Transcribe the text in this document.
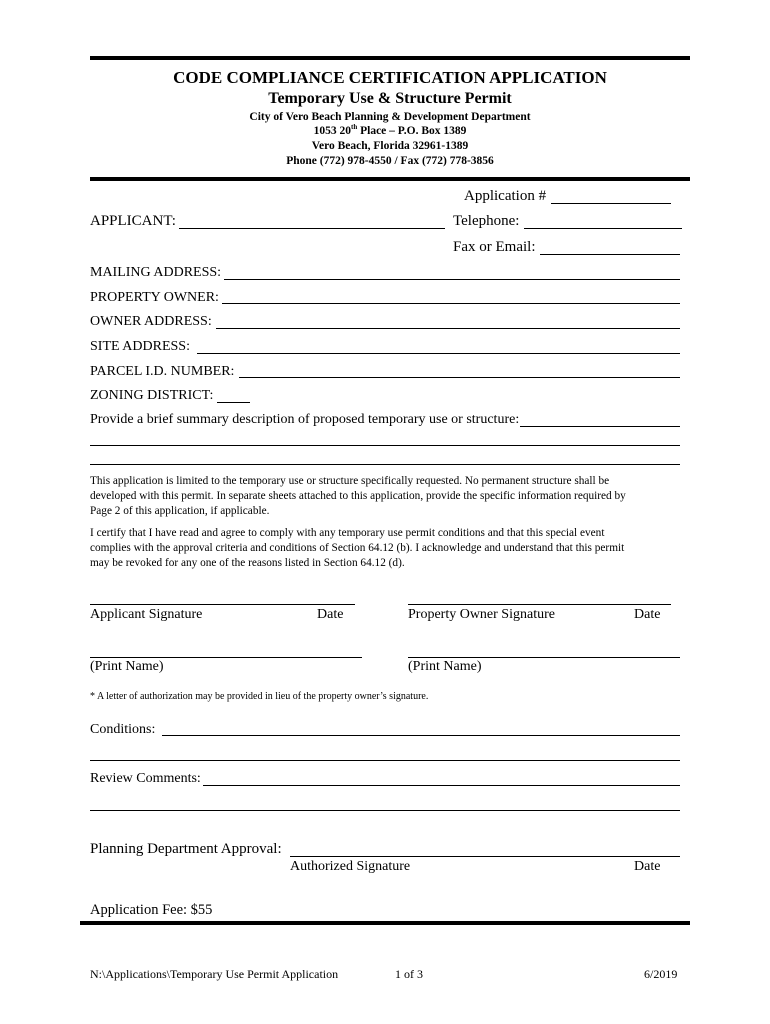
CODE COMPLIANCE CERTIFICATION APPLICATION
Temporary Use & Structure Permit
City of Vero Beach Planning & Development Department
1053 20th Place – P.O. Box 1389
Vero Beach, Florida 32961-1389
Phone (772) 978-4550 / Fax (772) 778-3856
Application #
APPLICANT:	Telephone:
Fax or Email:
MAILING ADDRESS:
PROPERTY OWNER:
OWNER ADDRESS:
SITE ADDRESS:
PARCEL I.D. NUMBER:
ZONING DISTRICT:
Provide a brief summary description of proposed temporary use or structure:
This application is limited to the temporary use or structure specifically requested. No permanent structure shall be
developed with this permit. In separate sheets attached to this application, provide the specific information required by
Page 2 of this application, if applicable.
I certify that I have read and agree to comply with any temporary use permit conditions and that this special event
complies with the approval criteria and conditions of Section 64.12 (b). I acknowledge and understand that this permit
may be revoked for any one of the reasons listed in Section 64.12 (d).
Applicant Signature	Date	Property Owner Signature	Date
(Print Name)	(Print Name)
* A letter of authorization may be provided in lieu of the property owner’s signature.
Conditions:
Review Comments:
Planning Department Approval:
Authorized Signature	Date
Application Fee: $55
N:\Applications\Temporary Use Permit Application	1 of 3	6/2019
